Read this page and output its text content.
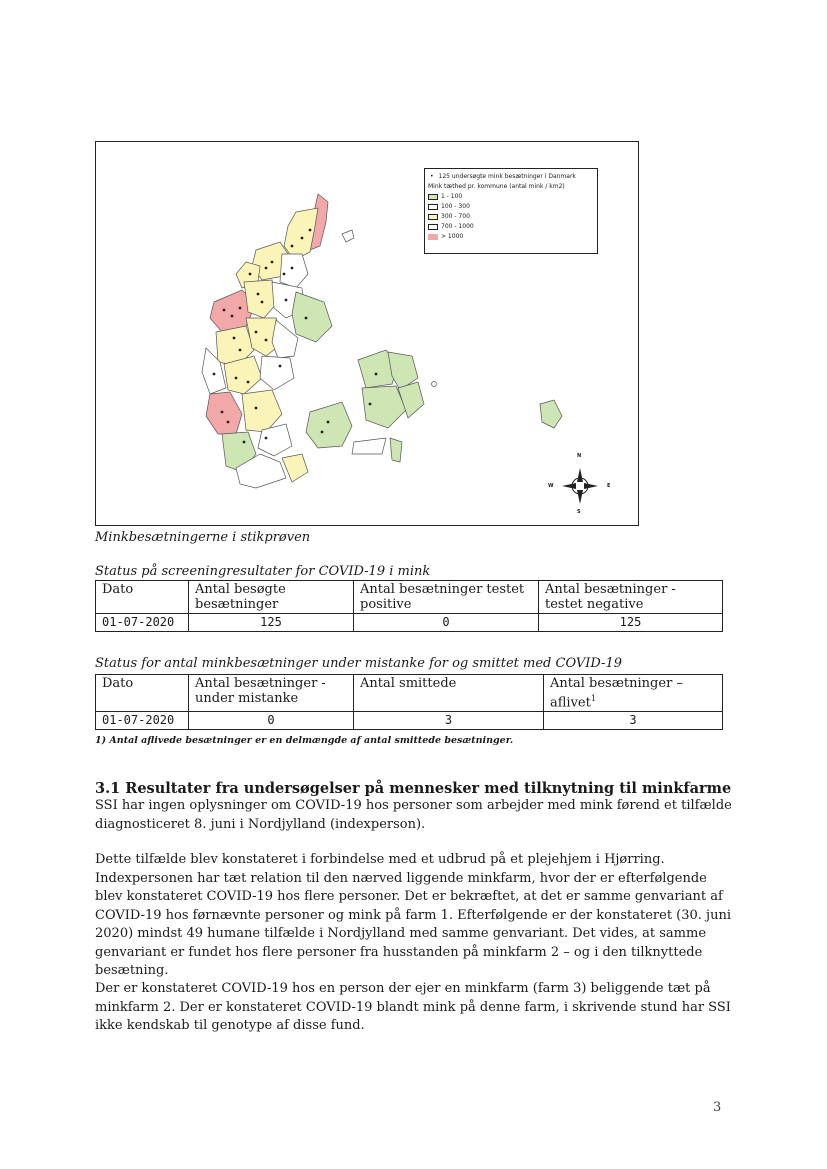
N
S
W	E
• 125 undersøgte mink besætninger i Danmark
Mink tæthed pr. kommune (antal mink / km2)
1 - 100
100 - 300
300 - 700
700 - 1000
> 1000
Minkbesætningerne i stikprøven
Status på screeningresultater for COVID-19 i mink
Dato	Antal besøgte besætninger	Antal besætninger testet positive	Antal besætninger - testet negative
01-07-2020	125	0	125
Status for antal minkbesætninger under mistanke for og smittet med COVID-19
Dato	Antal besætninger - under mistanke	Antal smittede	Antal besætninger – aflivet$^1$
01-07-2020	0	3	3
1) Antal aflivede besætninger er en delmængde af antal smittede besætninger.
3.1 Resultater fra undersøgelser på mennesker med tilknytning til minkfarme
SSI har ingen oplysninger om COVID-19 hos personer som arbejder med mink førend et tilfælde diagnosticeret 8. juni i Nordjylland (indexperson).
Dette tilfælde blev konstateret i forbindelse med et udbrud på et plejehjem i Hjørring. Indexpersonen har tæt relation til den nærved liggende minkfarm, hvor der er efterfølgende blev konstateret COVID-19 hos flere personer. Det er bekræftet, at det er samme genvariant af COVID-19 hos førnævnte personer og mink på farm 1. Efterfølgende er der konstateret (30. juni 2020) mindst 49 humane tilfælde i Nordjylland med samme genvariant. Det vides, at samme genvariant er fundet hos flere personer fra husstanden på minkfarm 2 – og i den tilknyttede besætning.
Der er konstateret COVID-19 hos en person der ejer en minkfarm (farm 3) beliggende tæt på minkfarm 2. Der er konstateret COVID-19 blandt mink på denne farm, i skrivende stund har SSI ikke kendskab til genotype af disse fund.
3
